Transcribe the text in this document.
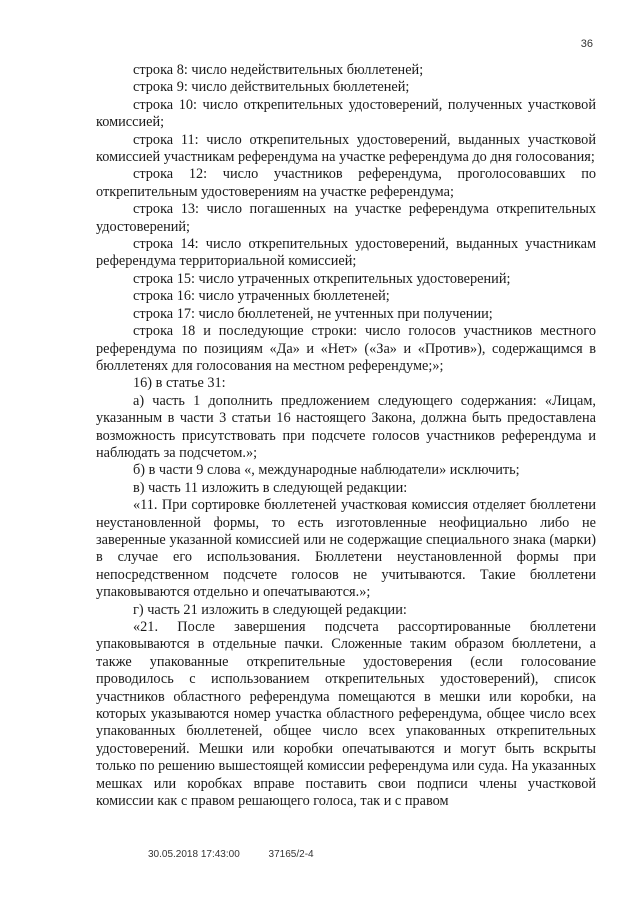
36

строка 8: число недействительных бюллетеней;

строка 9: число действительных бюллетеней;

строка 10: число открепительных удостоверений, полученных участковой комиссией;

строка 11: число открепительных удостоверений, выданных участковой комиссией участникам референдума на участке референдума до дня голосования;

строка 12: число участников референдума, проголосовавших по открепительным удостоверениям на участке референдума;

строка 13: число погашенных на участке референдума открепительных удостоверений;

строка 14: число открепительных удостоверений, выданных участникам референдума территориальной комиссией;

строка 15: число утраченных открепительных удостоверений;

строка 16: число утраченных бюллетеней;

строка 17: число бюллетеней, не учтенных при получении;

строка 18 и последующие строки: число голосов участников местного референдума по позициям «Да» и «Нет» («За» и «Против»), содержащимся в бюллетенях для голосования на местном референдуме;»;

16) в статье 31:

а) часть 1 дополнить предложением следующего содержания: «Лицам, указанным в части 3 статьи 16 настоящего Закона, должна быть предоставлена возможность присутствовать при подсчете голосов участников референдума и наблюдать за подсчетом.»;

б) в части 9 слова «, международные наблюдатели» исключить;

в) часть 11 изложить в следующей редакции:

«11. При сортировке бюллетеней участковая комиссия отделяет бюллетени неустановленной формы, то есть изготовленные неофициально либо не заверенные указанной комиссией или не содержащие специального знака (марки) в случае его использования. Бюллетени неустановленной формы при непосредственном подсчете голосов не учитываются. Такие бюллетени упаковываются отдельно и опечатываются.»;

г) часть 21 изложить в следующей редакции:

«21. После завершения подсчета рассортированные бюллетени упаковываются в отдельные пачки. Сложенные таким образом бюллетени, а также упакованные открепительные удостоверения (если голосование проводилось с использованием открепительных удостоверений), список участников областного референдума помещаются в мешки или коробки, на которых указываются номер участка областного референдума, общее число всех упакованных бюллетеней, общее число всех упакованных открепительных удостоверений. Мешки или коробки опечатываются и могут быть вскрыты только по решению вышестоящей комиссии референдума или суда. На указанных мешках или коробках вправе поставить свои подписи члены участковой комиссии как с правом решающего голоса, так и с правом

30.05.2018 17:43:00	37165/2-4
